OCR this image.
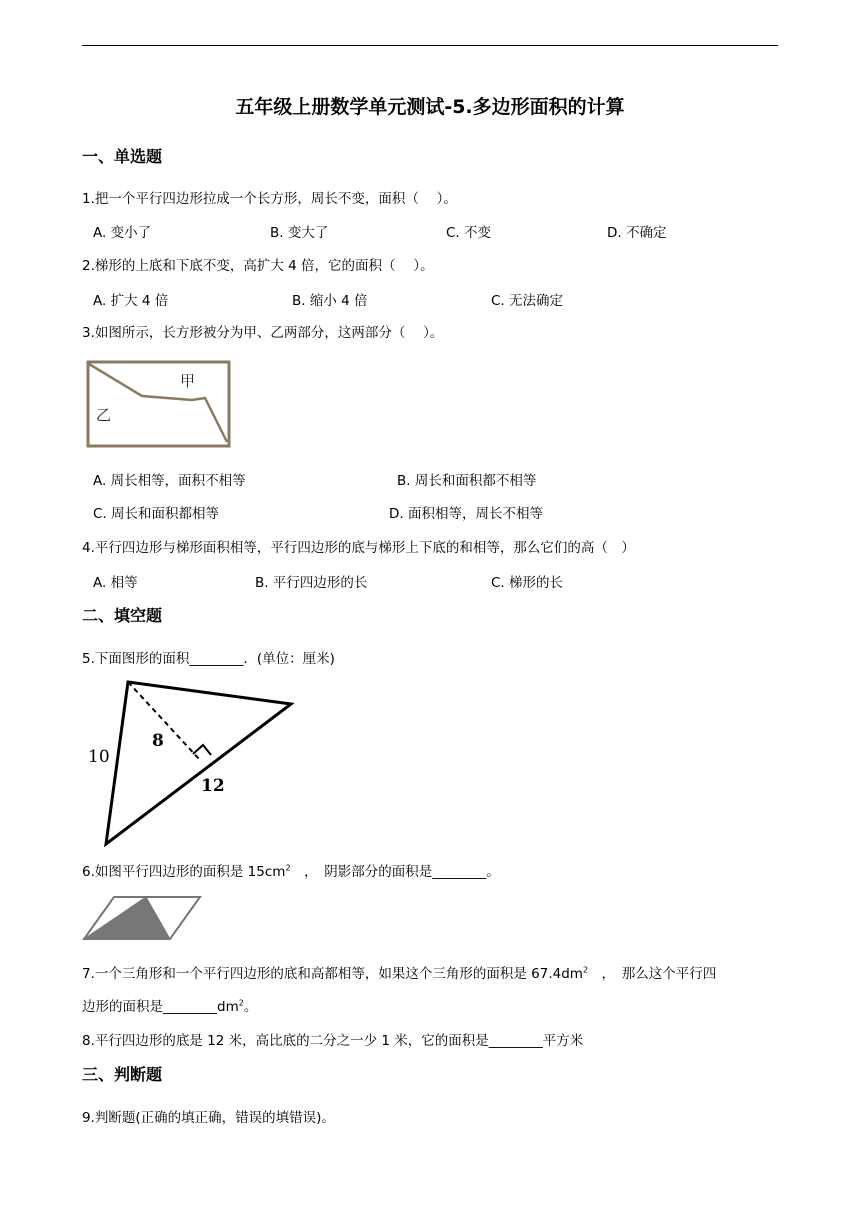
五年级上册数学单元测试-5.多边形面积的计算
一、单选题
1.把一个平行四边形拉成一个长方形，周长不变，面积（　 ）。
A. 变小了	B. 变大了	C. 不变	D. 不确定
2.梯形的上底和下底不变，高扩大 4 倍，它的面积（　 ）。
A. 扩大 4 倍	B. 缩小 4 倍	C. 无法确定
3.如图所示，长方形被分为甲、乙两部分，这两部分（　 ）。
甲
乙
A. 周长相等，面积不相等	B. 周长和面积都不相等
C. 周长和面积都相等	D. 面积相等，周长不相等
4.平行四边形与梯形面积相等，平行四边形的底与梯形上下底的和相等，那么它们的高（　）
A. 相等	B. 平行四边形的长	C. 梯形的长
二、填空题
5.下面图形的面积________．(单位：厘米)
10
8
12
6.如图平行四边形的面积是 $15cm^2$　，　阴影部分的面积是________。
7.一个三角形和一个平行四边形的底和高都相等，如果这个三角形的面积是 $67.4dm^2$　，　那么这个平行四
边形的面积是$\_\_\_\_\_\_\_\_dm^2$。
8.平行四边形的底是 12 米，高比底的二分之一少 1 米，它的面积是________平方米
三、判断题
9.判断题(正确的填正确，错误的填错误)。
